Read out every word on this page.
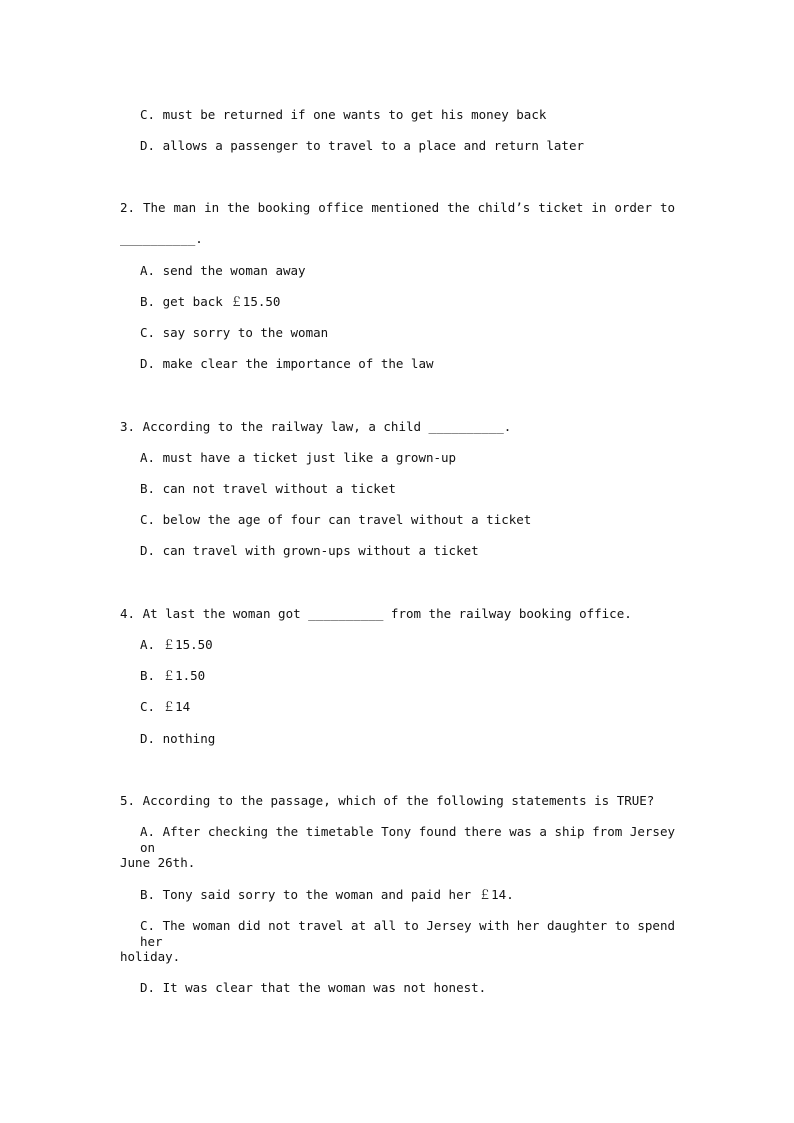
C. must be returned if one wants to get his money back
D. allows a passenger to travel to a place and return later
2. The man in the booking office mentioned the child’s ticket in order to
__________.
A. send the woman away
B. get back ￡15.50
C. say sorry to the woman
D. make clear the importance of the law
3. According to the railway law, a child __________.
A. must have a ticket just like a grown-up
B. can not travel without a ticket
C. below the age of four can travel without a ticket
D. can travel with grown-ups without a ticket
4. At last the woman got __________ from the railway booking office.
A. ￡15.50
B. ￡1.50
C. ￡14
D. nothing
5. According to the passage, which of the following statements is TRUE?
A. After checking the timetable Tony found there was a ship from Jersey on
June 26th.
B. Tony said sorry to the woman and paid her ￡14.
C. The woman did not travel at all to Jersey with her daughter to spend her
holiday.
D. It was clear that the woman was not honest.
